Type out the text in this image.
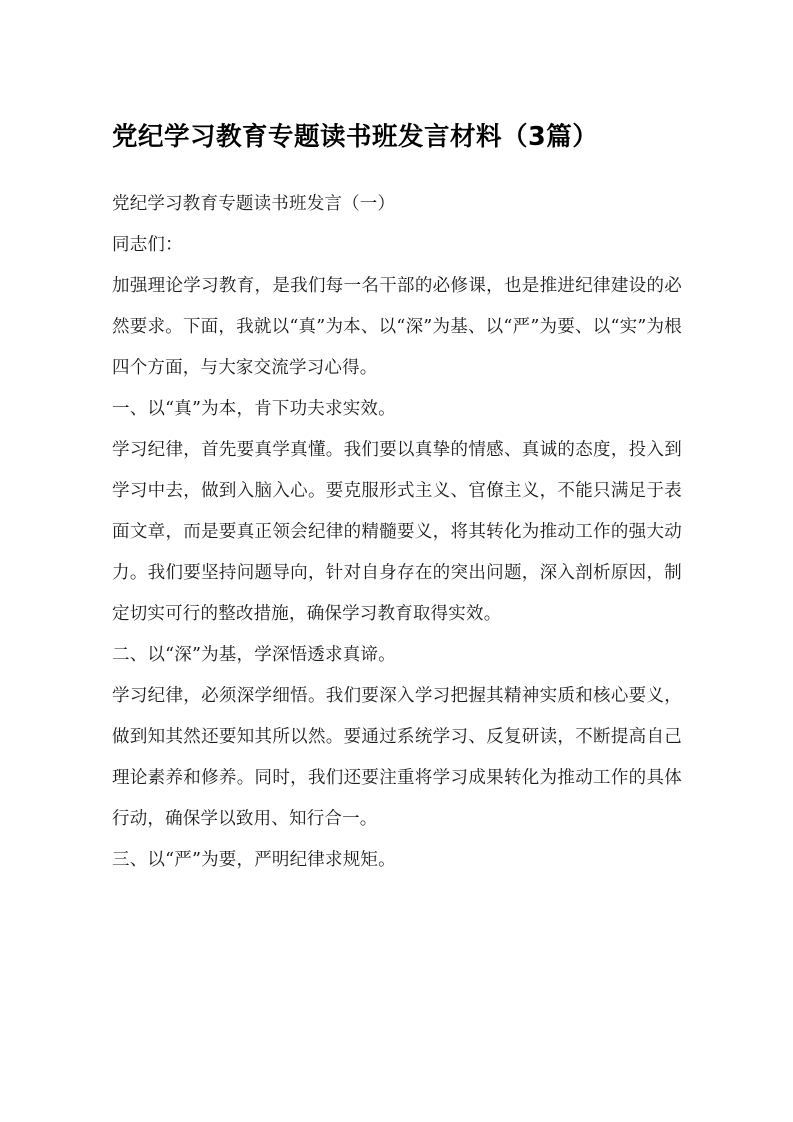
党纪学习教育专题读书班发言材料（3篇）

党纪学习教育专题读书班发言（一）

同志们：

加强理论学习教育，是我们每一名干部的必修课，也是推进纪律建设的必然要求。下面，我就以“真”为本、以“深”为基、以“严”为要、以“实”为根四个方面，与大家交流学习心得。

一、以“真”为本，肯下功夫求实效。

学习纪律，首先要真学真懂。我们要以真挚的情感、真诚的态度，投入到学习中去，做到入脑入心。要克服形式主义、官僚主义，不能只满足于表面文章，而是要真正领会纪律的精髓要义，将其转化为推动工作的强大动力。我们要坚持问题导向，针对自身存在的突出问题，深入剖析原因，制定切实可行的整改措施，确保学习教育取得实效。

二、以“深”为基，学深悟透求真谛。

学习纪律，必须深学细悟。我们要深入学习把握其精神实质和核心要义，做到知其然还要知其所以然。要通过系统学习、反复研读，不断提高自己理论素养和修养。同时，我们还要注重将学习成果转化为推动工作的具体行动，确保学以致用、知行合一。

三、以“严”为要，严明纪律求规矩。
